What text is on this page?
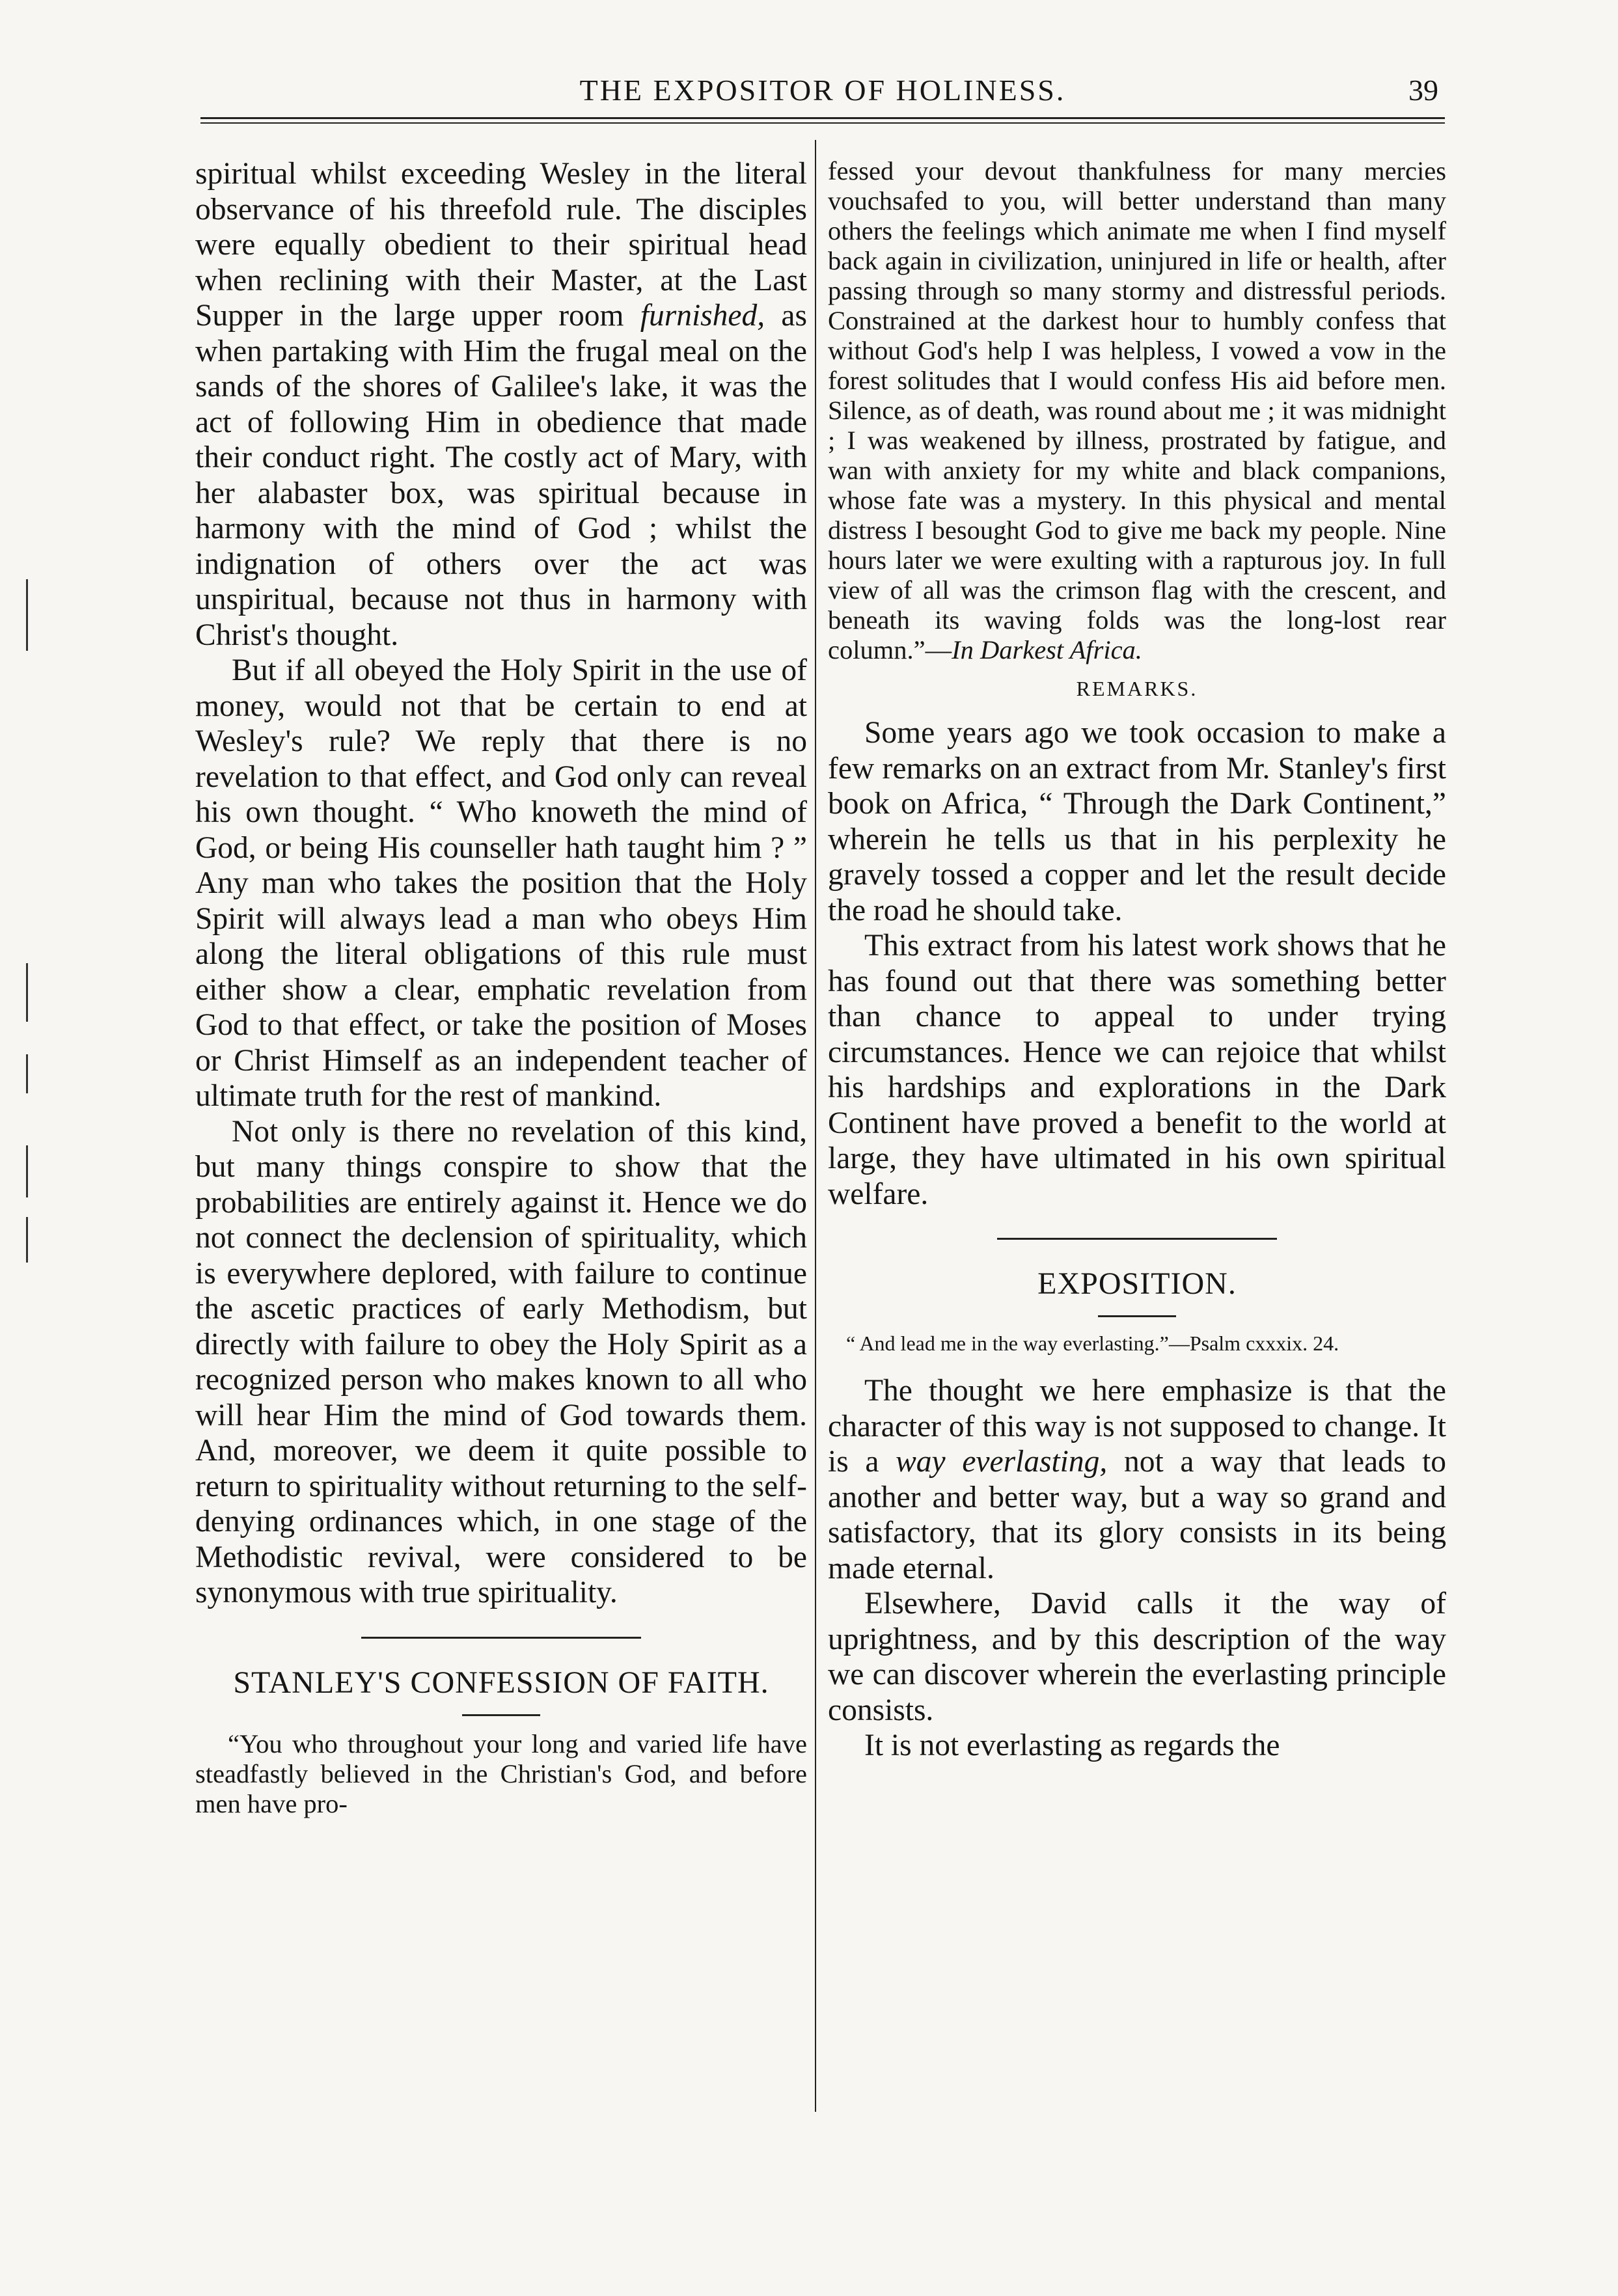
THE EXPOSITOR OF HOLINESS.	39

spiritual whilst exceeding Wesley in the literal observance of his threefold rule. The disciples were equally obedient to their spiritual head when reclining with their Master, at the Last Supper in the large upper room furnished, as when partaking with Him the frugal meal on the sands of the shores of Galilee's lake, it was the act of following Him in obedience that made their conduct right. The costly act of Mary, with her alabaster box, was spiritual because in harmony with the mind of God ; whilst the indignation of others over the act was unspiritual, because not thus in harmony with Christ's thought.

But if all obeyed the Holy Spirit in the use of money, would not that be certain to end at Wesley's rule? We reply that there is no revelation to that effect, and God only can reveal his own thought. “ Who knoweth the mind of God, or being His counseller hath taught him ? ” Any man who takes the position that the Holy Spirit will always lead a man who obeys Him along the literal obligations of this rule must either show a clear, emphatic revelation from God to that effect, or take the position of Moses or Christ Himself as an independent teacher of ultimate truth for the rest of mankind.

Not only is there no revelation of this kind, but many things conspire to show that the probabilities are entirely against it. Hence we do not connect the declension of spirituality, which is everywhere deplored, with failure to continue the ascetic practices of early Methodism, but directly with failure to obey the Holy Spirit as a recognized person who makes known to all who will hear Him the mind of God towards them. And, moreover, we deem it quite possible to return to spirituality without returning to the self-denying ordinances which, in one stage of the Methodistic revival, were considered to be synonymous with true spirituality.

STANLEY'S CONFESSION OF FAITH.

“You who throughout your long and varied life have steadfastly believed in the Christian's God, and before men have pro-

fessed your devout thankfulness for many mercies vouchsafed to you, will better understand than many others the feelings which animate me when I find myself back again in civilization, uninjured in life or health, after passing through so many stormy and distressful periods. Constrained at the darkest hour to humbly confess that without God's help I was helpless, I vowed a vow in the forest solitudes that I would confess His aid before men. Silence, as of death, was round about me ; it was midnight ; I was weakened by illness, prostrated by fatigue, and wan with anxiety for my white and black companions, whose fate was a mystery. In this physical and mental distress I besought God to give me back my people. Nine hours later we were exulting with a rapturous joy. In full view of all was the crimson flag with the crescent, and beneath its waving folds was the long-lost rear column.”—In Darkest Africa.

REMARKS.

Some years ago we took occasion to make a few remarks on an extract from Mr. Stanley's first book on Africa, “ Through the Dark Continent,” wherein he tells us that in his perplexity he gravely tossed a copper and let the result decide the road he should take.

This extract from his latest work shows that he has found out that there was something better than chance to appeal to under trying circumstances. Hence we can rejoice that whilst his hardships and explorations in the Dark Continent have proved a benefit to the world at large, they have ultimated in his own spiritual welfare.

EXPOSITION.

“ And lead me in the way everlasting.”—Psalm cxxxix. 24.

The thought we here emphasize is that the character of this way is not supposed to change. It is a way everlasting, not a way that leads to another and better way, but a way so grand and satisfactory, that its glory consists in its being made eternal.

Elsewhere, David calls it the way of uprightness, and by this description of the way we can discover wherein the everlasting principle consists.

It is not everlasting as regards the
